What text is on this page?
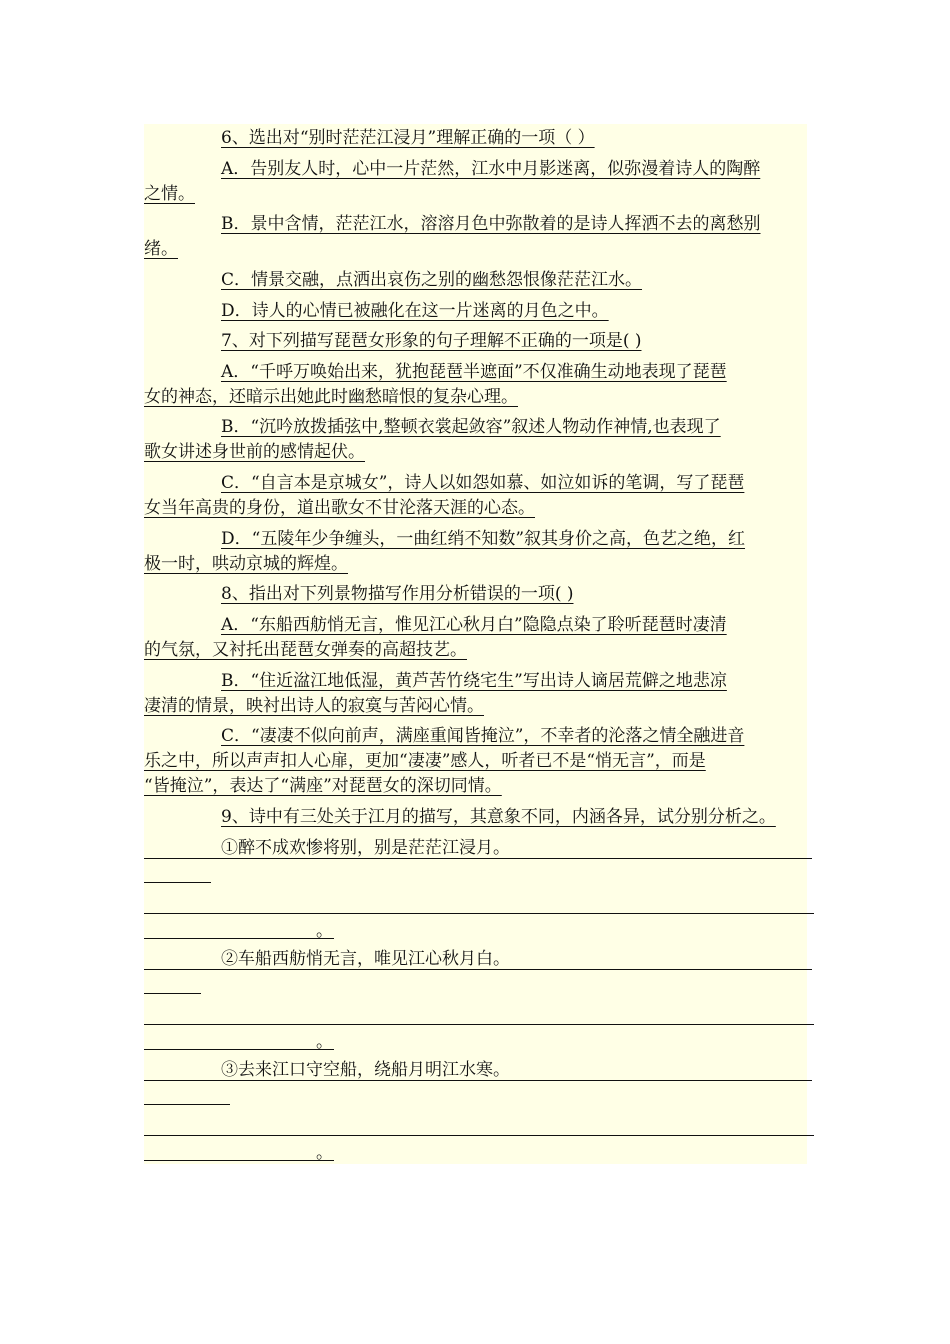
6、选出对“别时茫茫江浸月”理解正确的一项（ ）
A．告别友人时，心中一片茫然，江水中月影迷离，似弥漫着诗人的陶醉
之情。
B．景中含情，茫茫江水，溶溶月色中弥散着的是诗人挥洒不去的离愁别
绪。
C．情景交融，点洒出哀伤之别的幽愁怨恨像茫茫江水。
D．诗人的心情已被融化在这一片迷离的月色之中。
7、对下列描写琵琶女形象的句子理解不正确的一项是( )
A．“千呼万唤始出来，犹抱琵琶半遮面”不仅准确生动地表现了琵琶
女的神态，还暗示出她此时幽愁暗恨的复杂心理。
B．“沉吟放拨插弦中,整顿衣裳起敛容”叙述人物动作神情,也表现了
歌女讲述身世前的感情起伏。
C．“自言本是京城女”，诗人以如怨如慕、如泣如诉的笔调，写了琵琶
女当年高贵的身份，道出歌女不甘沦落天涯的心态。
D．“五陵年少争缠头，一曲红绡不知数”叙其身价之高，色艺之绝，红
极一时，哄动京城的辉煌。
8、指出对下列景物描写作用分析错误的一项( )
A．“东船西舫悄无言，惟见江心秋月白”隐隐点染了聆听琵琶时凄清
的气氛，又衬托出琵琶女弹奏的高超技艺。
B．“住近湓江地低湿，黄芦苦竹绕宅生”写出诗人谪居荒僻之地悲凉
凄清的情景，映衬出诗人的寂寞与苦闷心情。
C．“凄凄不似向前声，满座重闻皆掩泣”，不幸者的沦落之情全融进音
乐之中，所以声声扣人心扉，更加“凄凄”感人，听者已不是“悄无言”，而是
“皆掩泣”，表达了“满座”对琵琶女的深切同情。
9、诗中有三处关于江月的描写，其意象不同，内涵各异，试分别分析之。
①醉不成欢惨将别，别是茫茫江浸月。
。
②车船西舫悄无言，唯见江心秋月白。
。
③去来江口守空船，绕船月明江水寒。
。
